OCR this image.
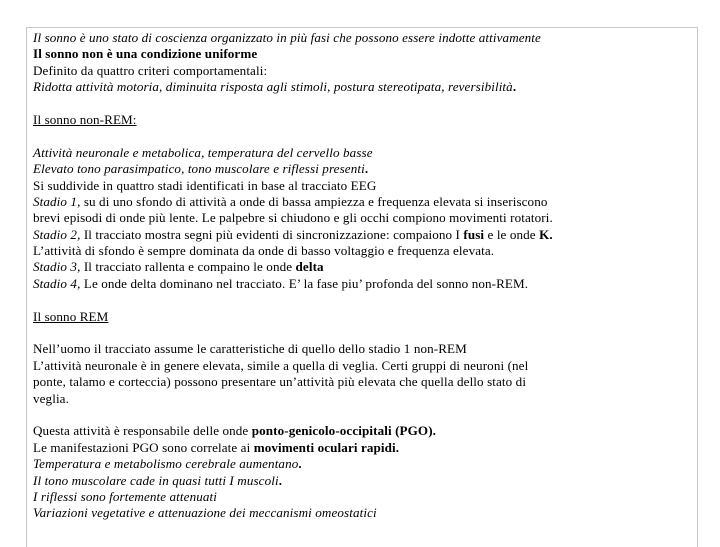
Il sonno è uno stato di coscienza organizzato in più fasi che possono essere indotte attivamente
Il sonno non è una condizione uniforme
Definito da quattro criteri comportamentali:
Ridotta attività motoria, diminuita risposta agli stimoli, postura stereotipata, reversibilità.
Il sonno non-REM:
Attività neuronale e metabolica, temperatura del cervello basse
Elevato tono parasimpatico, tono muscolare e riflessi presenti.
Si suddivide in quattro stadi identificati in base al tracciato EEG
Stadio 1, su di uno sfondo di attività a onde di bassa ampiezza e frequenza elevata si inseriscono
brevi episodi di onde più lente. Le palpebre si chiudono e gli occhi compiono movimenti rotatori.
Stadio 2, Il tracciato mostra segni più evidenti di sincronizzazione: compaiono I fusi e le onde K.
L’attività di sfondo è sempre dominata da onde di basso voltaggio e frequenza elevata.
Stadio 3, Il tracciato rallenta e compaino le onde delta
Stadio 4, Le onde delta dominano nel tracciato. E’ la fase piu’ profonda del sonno non-REM.
Il sonno REM
Nell’uomo il tracciato assume le caratteristiche di quello dello stadio 1 non-REM
L’attività neuronale è in genere elevata, simile a quella di veglia. Certi gruppi di neuroni (nel
ponte, talamo e corteccia) possono presentare un’attività più elevata che quella dello stato di
veglia.
Questa attività è responsabile delle onde ponto-genicolo-occipitali (PGO).
Le manifestazioni PGO sono correlate ai movimenti oculari rapidi.
Temperatura e metabolismo cerebrale aumentano.
Il tono muscolare cade in quasi tutti I muscoli.
I riflessi sono fortemente attenuati
Variazioni vegetative e attenuazione dei meccanismi omeostatici
